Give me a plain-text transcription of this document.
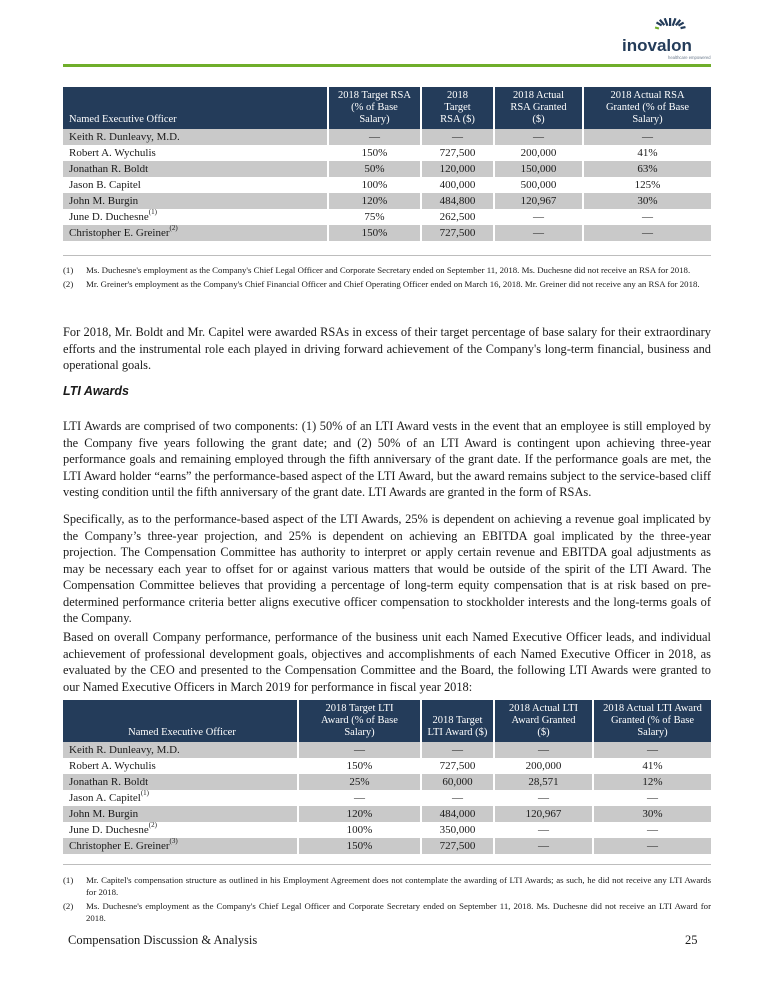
inovalon
healthcare empowered
Named Executive Officer	2018 Target RSA (% of Base Salary)	2018 Target RSA ($)	2018 Actual RSA Granted ($)	2018 Actual RSA Granted (% of Base Salary)
Keith R. Dunleavy, M.D.	—	—	—	—
Robert A. Wychulis	150%	727,500	200,000	41%
Jonathan R. Boldt	50%	120,000	150,000	63%
Jason B. Capitel	100%	400,000	500,000	125%
John M. Burgin	120%	484,800	120,967	30%
June D. Duchesne$^{(1)}$	75%	262,500	—	—
Christopher E. Greiner$^{(2)}$	150%	727,500	—	—
(1)	Ms. Duchesne's employment as the Company's Chief Legal Officer and Corporate Secretary ended on September 11, 2018. Ms. Duchesne did not receive an RSA for 2018.
(2)	Mr. Greiner's employment as the Company's Chief Financial Officer and Chief Operating Officer ended on March 16, 2018. Mr. Greiner did not receive any an RSA for 2018.
For 2018, Mr. Boldt and Mr. Capitel were awarded RSAs in excess of their target percentage of base salary for their extraordinary efforts and the instrumental role each played in driving forward achievement of the Company's long-term financial, business and operational goals.
LTI Awards
LTI Awards are comprised of two components: (1) 50% of an LTI Award vests in the event that an employee is still employed by the Company five years following the grant date; and (2) 50% of an LTI Award is contingent upon achieving three-year performance goals and remaining employed through the fifth anniversary of the grant date. If the performance goals are met, the LTI Award holder “earns” the performance-based aspect of the LTI Award, but the award remains subject to the service-based cliff vesting condition until the fifth anniversary of the grant date. LTI Awards are granted in the form of RSAs.
Specifically, as to the performance-based aspect of the LTI Awards, 25% is dependent on achieving a revenue goal implicated by the Company’s three-year projection, and 25% is dependent on achieving an EBITDA goal implicated by the three-year projection. The Compensation Committee has authority to interpret or apply certain revenue and EBITDA goal adjustments as may be necessary each year to offset for or against various matters that would be outside of the spirit of the LTI Award. The Compensation Committee believes that providing a percentage of long-term equity compensation that is at risk based on pre-determined performance criteria better aligns executive officer compensation to stockholder interests and the long-terms goals of the Company.
Based on overall Company performance, performance of the business unit each Named Executive Officer leads, and individual achievement of professional development goals, objectives and accomplishments of each Named Executive Officer in 2018, as evaluated by the CEO and presented to the Compensation Committee and the Board, the following LTI Awards were granted to our Named Executive Officers in March 2019 for performance in fiscal year 2018:
Named Executive Officer	2018 Target LTI Award (% of Base Salary)	2018 Target LTI Award ($)	2018 Actual LTI Award Granted ($)	2018 Actual LTI Award Granted (% of Base Salary)
Keith R. Dunleavy, M.D.	—	—	—	—
Robert A. Wychulis	150%	727,500	200,000	41%
Jonathan R. Boldt	25%	60,000	28,571	12%
Jason A. Capitel$^{(1)}$	—	—	—	—
John M. Burgin	120%	484,000	120,967	30%
June D. Duchesne$^{(2)}$	100%	350,000	—	—
Christopher E. Greiner$^{(3)}$	150%	727,500	—	—
(1)	Mr. Capitel's compensation structure as outlined in his Employment Agreement does not contemplate the awarding of LTI Awards; as such, he did not receive any LTI Awards for 2018.
(2)	Ms. Duchesne's employment as the Company's Chief Legal Officer and Corporate Secretary ended on September 11, 2018. Ms. Duchesne did not receive an LTI Award for 2018.
Compensation Discussion & Analysis	25
